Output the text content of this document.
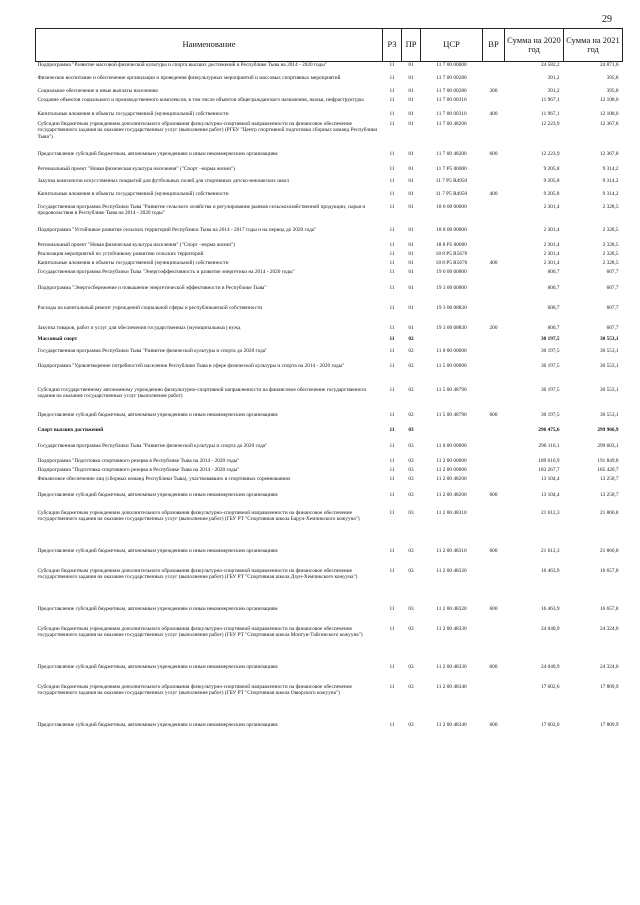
29
Наименование	РЗ	ПР	ЦСР	ВР	Сумма на 2020 год	Сумма на 2021 год
Подпрограмма "Развитие массовой физической культуры и спорта высших достижений в Республике Тыва на 2014 - 2020 годы"	11	01	11 7 00 00000		24 582,2	24 871,6
Физическое воспитание и обеспечение организации и проведения физкультурных мероприятий и массовых спортивных мероприятий	11	01	11 7 00 00280		391,2	395,8
Социальное обеспечение и иные выплаты населению	11	01	11 7 00 00280	300	391,2	395,8
Создание объектов социального и производственного комплексов, в том числе объектов общегражданского назначения, жилья, инфраструктуры	11	01	11 7 00 00310		11 967,1	12 108,0
Капитальные вложения в объекты государственной (муниципальной) собственности	11	01	11 7 00 00310	400	11 967,1	12 108,0
Субсидии бюджетным учреждениям дополнительного образования физкультурно-спортивной направленности на финансовое обеспечение государственного задания на оказание государственных услуг (выполнение работ) (РГБУ "Центр спортивной подготовки сборных команд Республики Тыва")	11	01	11 7 00 48200		12 223,9	12 367,8
Предоставление субсидий бюджетным, автономным учреждениям и иным некоммерческим организациям	11	01	11 7 00 48200	600	12 223,9	12 367,8
Региональный проект "Новая физическая культура населения" ("Спорт –норма жизни")	11	01	11 7 P5 00000		9 205,8	9 314,2
Закупка комплектов искусственных покрытий для футбольных полей для спортивных детско-юношеских школ	11	01	11 7 P5 R4950		9 205,8	9 314,2
Капитальные вложения в объекты государственной (муниципальной) собственности	11	01	11 7 P5 R4950	400	9 205,8	9 314,2
Государственная программа Республики Тыва "Развитие сельского хозяйства и регулирование рынков сельскохозяйственной продукции, сырья и продовольствия в Республике Тыва на 2014 - 2020 годы"	11	01	18 0 00 00000		2 301,4	2 328,5
Подпрограмма "Устойчивое развитие сельских территорий Республики Тыва на 2014 - 2017 годы и на период до 2020 года"	11	01	18 8 00 00000		2 301,4	2 328,5
Региональный проект "Новая физическая культура населения" ("Спорт –норма жизни")	11	01	18 8 P5 00000		2 301,4	2 328,5
Реализация мероприятий по устойчивому развитию сельских территорий	11	01	18 8 P5 R5670		2 301,4	2 328,5
Капитальные вложения в объекты государственной (муниципальной) собственности	11	01	18 8 P5 R5670	400	2 301,4	2 328,5
Государственная программа Республики Тыва "Энергоэффективность и развитие энергетики на 2014 - 2020 годы"	11	01	19 0 00 00000		600,7	607,7
Подпрограмма "Энергосбережение и повышение энергетической эффективности в Республике Тыва"	11	01	19 3 00 00000		600,7	607,7
Расходы на капитальный ремонт учреждений социальной сферы и республиканской собственности	11	01	19 3 00 08830		600,7	607,7
Закупка товаров, работ и услуг для обеспечения государственных (муниципальных) нужд	11	01	19 3 00 08830	200	600,7	607,7
Массовый спорт	11	02			30 197,5	30 553,1
Государственная программа Республики Тыва "Развитие физической культуры и спорта до 2020 года"	11	02	11 0 00 00000		30 197,5	30 553,1
Подпрограмма "Удовлетворение потребностей населения Республики Тыва в сфере физической культуры и спорта на 2014 - 2020 годы"	11	02	11 5 00 00000		30 197,5	30 553,1
Субсидии государственному автономному учреждению физкультурно-спортивной направленности на финансовое обеспечение государственного задания на оказание государственных услуг (выполнение работ)	11	02	11 5 00 48790		30 197,5	30 553,1
Предоставление субсидий бюджетным, автономным учреждениям и иным некоммерческим организациям	11	02	11 5 00 48790	600	30 197,5	30 553,1
Спорт высших достижений	11	03			296 475,6	299 966,9
Государственная программа Республики Тыва "Развитие физической культуры и спорта до 2020 года"	11	03	11 0 00 00000		296 116,1	299 603,1
Подпрограмма "Подготовка спортивного резерва в Республике Тыва на 2014 - 2020 годы"	11	03	11 2 00 00000		189 616,9	191 849,8
Подпрограмма "Подготовка спортивного резерва в Республике Тыва на 2014 - 2020 годы"	11	03	11 2 00 00000		183 267,7	185 420,7
Финансовое обеспечение лиц (сборных команд Республики Тыва), участвовавших в спортивных соревнованиях	11	03	11 2 00 48200		13 104,4	13 258,7
Предоставление субсидий бюджетным, автономным учреждениям и иным некоммерческим организациям	11	03	11 2 00 48200	600	13 104,4	13 258,7
Субсидии бюджетным учреждениям дополнительного образования физкультурно-спортивной направленности на финансовое обеспечение государственного задания на оказание государственных услуг (выполнение работ) (ГБУ РТ "Спортивная школа Барун-Хемчикского кожууна")	11	03	11 2 00 48310		21 612,3	21 866,8
Предоставление субсидий бюджетным, автономным учреждениям и иным некоммерческим организациям	11	03	11 2 00 48310	600	21 612,3	21 866,8
Субсидии бюджетным учреждениям дополнительного образования физкультурно-спортивной направленности на финансовое обеспечение государственного задания на оказание государственных услуг (выполнение работ) (ГБУ РТ "Спортивная школа Дзун-Хемчикского кожууна")	11	03	11 2 00 48320		16 463,9	16 657,8
Предоставление субсидий бюджетным, автономным учреждениям и иным некоммерческим организациям	11	03	11 2 00 48320	600	16 463,9	16 657,8
Субсидии бюджетным учреждениям дополнительного образования физкультурно-спортивной направленности на финансовое обеспечение государственного задания на оказание государственных услуг (выполнение работ) (ГБУ РТ "Спортивная школа Монгун-Тайгинского кожууна")	11	03	11 2 00 48330		24 040,9	24 324,0
Предоставление субсидий бюджетным, автономным учреждениям и иным некоммерческим организациям	11	03	11 2 00 48330	600	24 040,9	24 324,0
Субсидии бюджетным учреждениям дополнительного образования физкультурно-спортивной направленности на финансовое обеспечение государственного задания на оказание государственных услуг (выполнение работ) (ГБУ РТ "Спортивная школа Овюрского кожууна")	11	03	11 2 00 48340		17 602,6	17 809,9
Предоставление субсидий бюджетным, автономным учреждениям и иным некоммерческим организациям	11	03	11 2 00 48340	600	17 602,6	17 809,9
